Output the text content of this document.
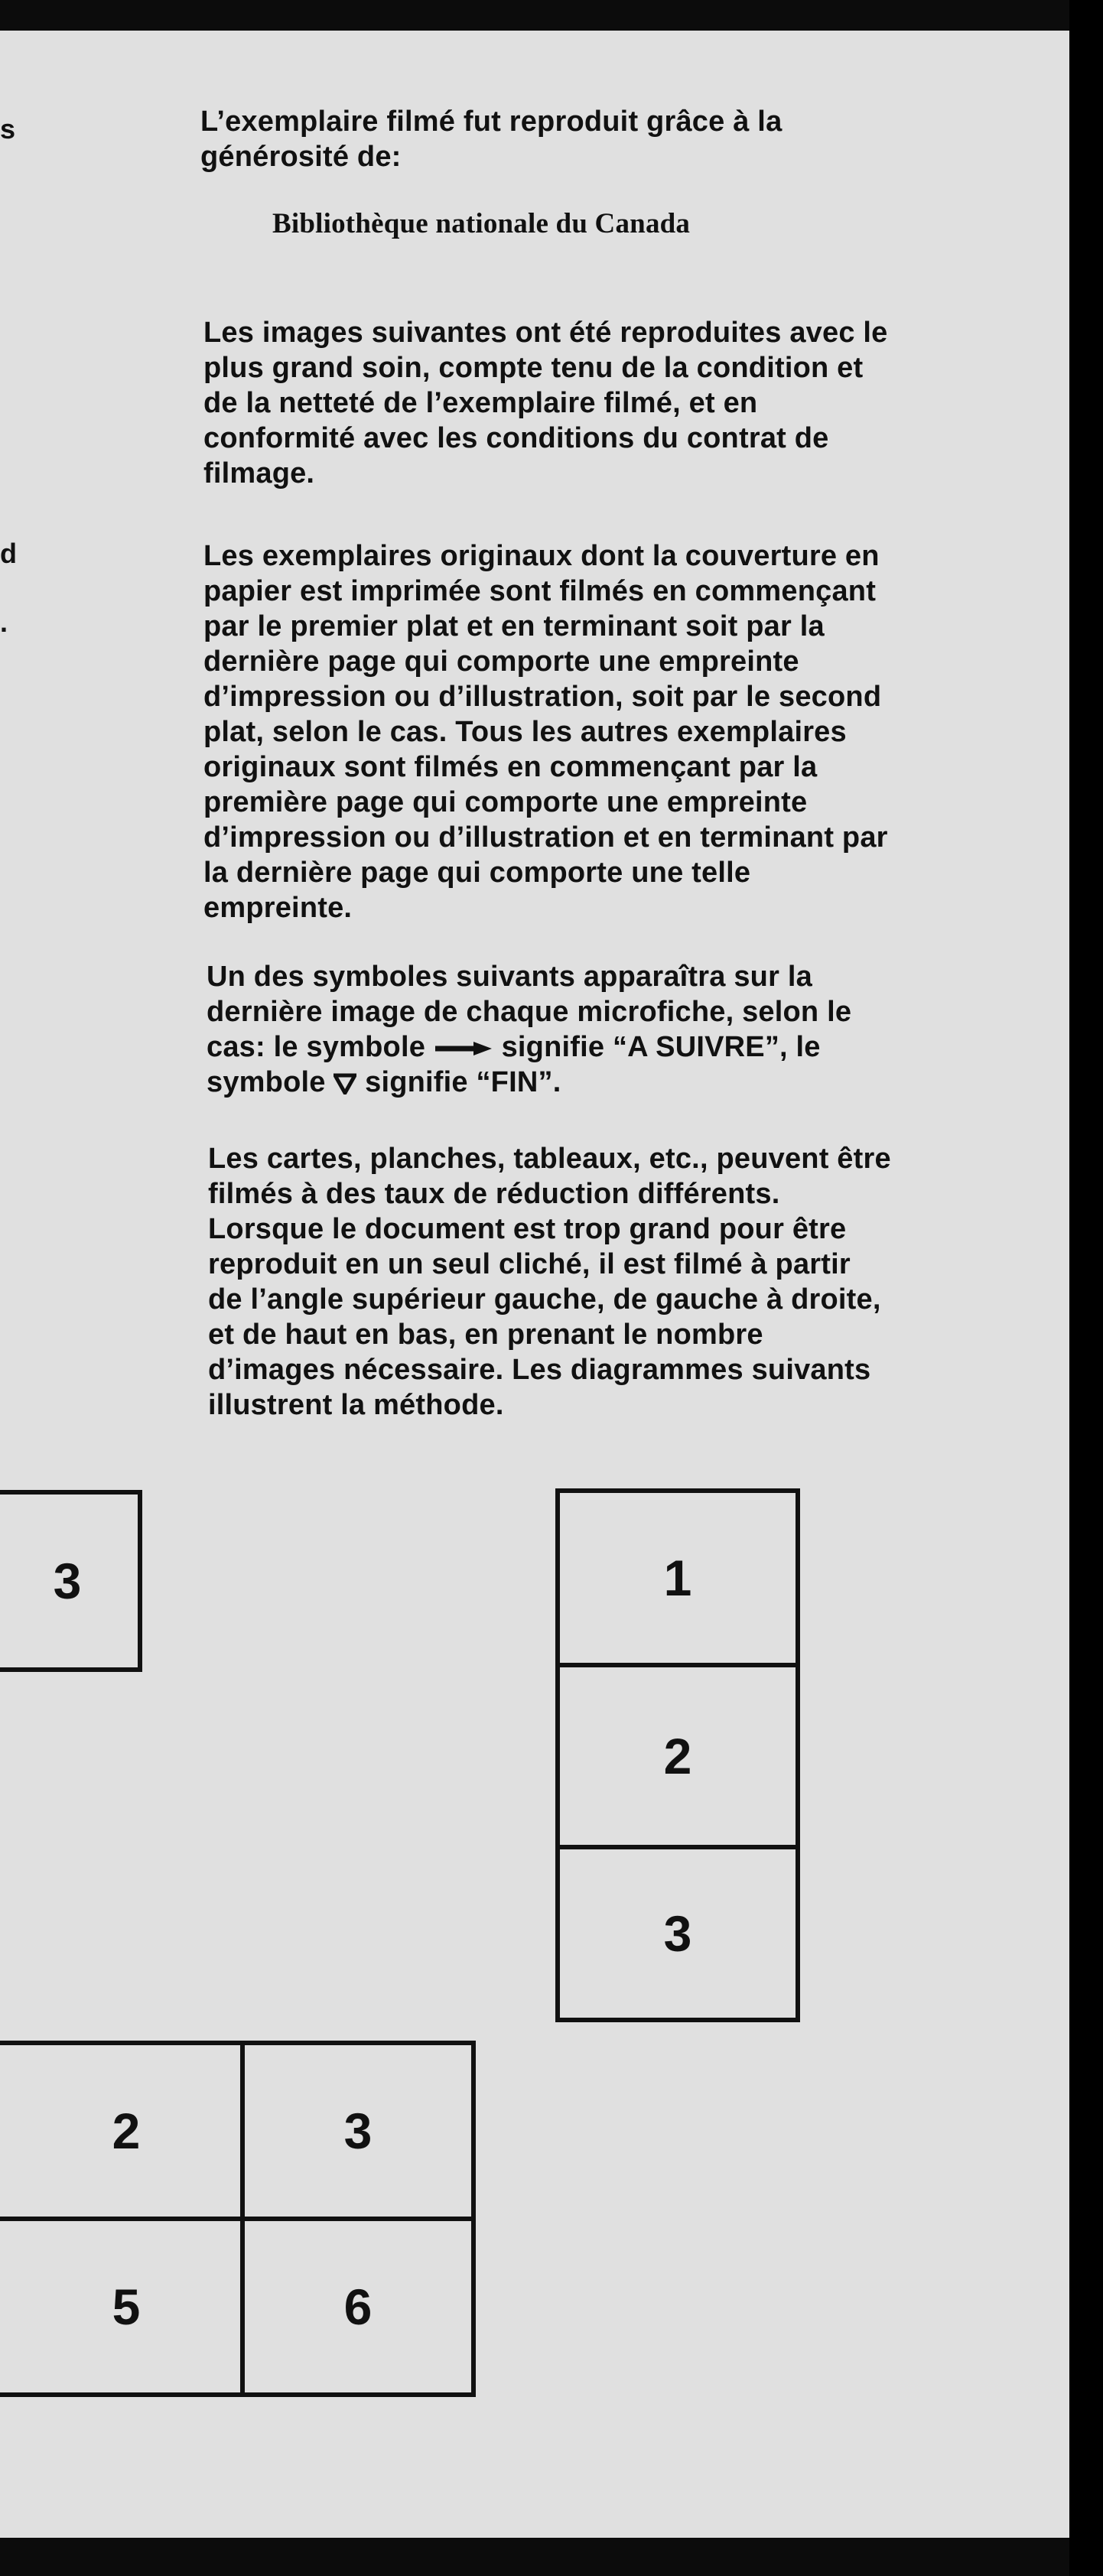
s
d
.

L’exemplaire filmé fut reproduit grâce à la

générosité de:

Bibliothèque nationale du Canada

Les images suivantes ont été reproduites avec le

plus grand soin, compte tenu de la condition et

de la netteté de l’exemplaire filmé, et en

conformité avec les conditions du contrat de

filmage.

Les exemplaires originaux dont la couverture en

papier est imprimée sont filmés en commençant

par le premier plat et en terminant soit par la

dernière page qui comporte une empreinte

d’impression ou d’illustration, soit par le second

plat, selon le cas. Tous les autres exemplaires

originaux sont filmés en commençant par la

première page qui comporte une empreinte

d’impression ou d’illustration et en terminant par

la dernière page qui comporte une telle

empreinte.

Un des symboles suivants apparaîtra sur la

dernière image de chaque microfiche, selon le

cas: le symbole	signifie “A SUIVRE”, le

symbole signifie “FIN”.

Les cartes, planches, tableaux, etc., peuvent être

filmés à des taux de réduction différents.

Lorsque le document est trop grand pour être

reproduit en un seul cliché, il est filmé à partir

de l’angle supérieur gauche, de gauche à droite,

et de haut en bas, en prenant le nombre

d’images nécessaire. Les diagrammes suivants

illustrent la méthode.

3	1
2
3
2	3
5	6
